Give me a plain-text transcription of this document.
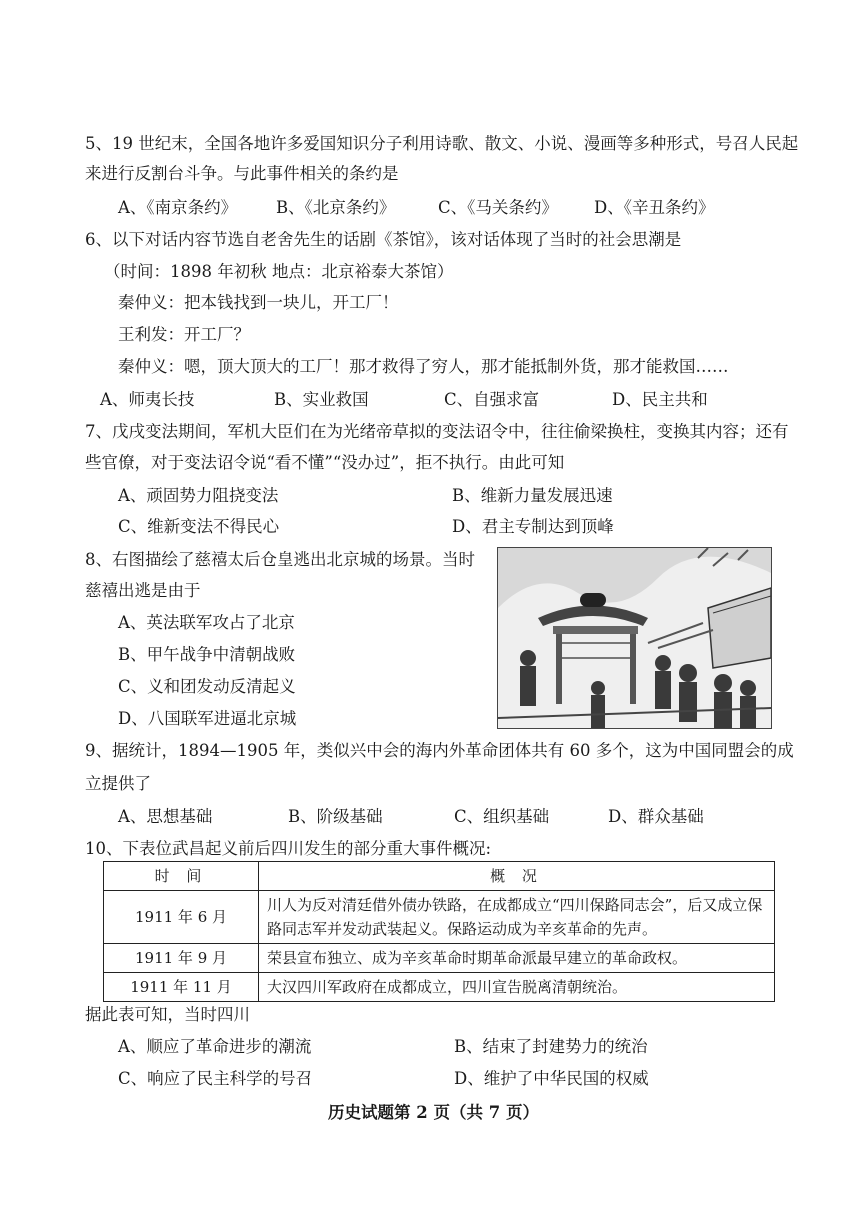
5、19 世纪末，全国各地许多爱国知识分子利用诗歌、散文、小说、漫画等多种形式，号召人民起
来进行反割台斗争。与此事件相关的条约是
A、《南京条约》 B、《北京条约》	C、《马关条约》 D、《辛丑条约》
6、以下对话内容节选自老舍先生的话剧《茶馆》，该对话体现了当时的社会思潮是
（时间：1898 年初秋 地点：北京裕泰大茶馆）
秦仲义：把本钱找到一块儿，开工厂！
王利发：开工厂？
秦仲义：嗯，顶大顶大的工厂！那才救得了穷人，那才能抵制外货，那才能救国……
A、师夷长技	B、实业救国	C、自强求富	D、民主共和
7、戊戌变法期间，军机大臣们在为光绪帝草拟的变法诏令中，往往偷梁换柱，变换其内容；还有
些官僚，对于变法诏令说“看不懂”“没办过”，拒不执行。由此可知
A、顽固势力阻挠变法	B、维新力量发展迅速
C、维新变法不得民心	D、君主专制达到顶峰
8、右图描绘了慈禧太后仓皇逃出北京城的场景。当时
慈禧出逃是由于
A、英法联军攻占了北京
B、甲午战争中清朝战败
C、义和团发动反清起义
D、八国联军进逼北京城
9、据统计，1894—1905 年，类似兴中会的海内外革命团体共有 60 多个，这为中国同盟会的成
立提供了
A、思想基础	B、阶级基础	C、组织基础	D、群众基础
10、下表位武昌起义前后四川发生的部分重大事件概况:
时 间	概 况
1911 年 6 月	川人为反对清廷借外债办铁路，在成都成立“四川保路同志会”，后又成立保路同志军并发动武装起义。保路运动成为辛亥革命的先声。
1911 年 9 月	荣县宣布独立、成为辛亥革命时期革命派最早建立的革命政权。
1911 年 11 月	大汉四川军政府在成都成立，四川宣告脱离清朝统治。
据此表可知，当时四川
A、顺应了革命进步的潮流	B、结束了封建势力的统治
C、响应了民主科学的号召	D、维护了中华民国的权威
历史试题第 2 页（共 7 页）
